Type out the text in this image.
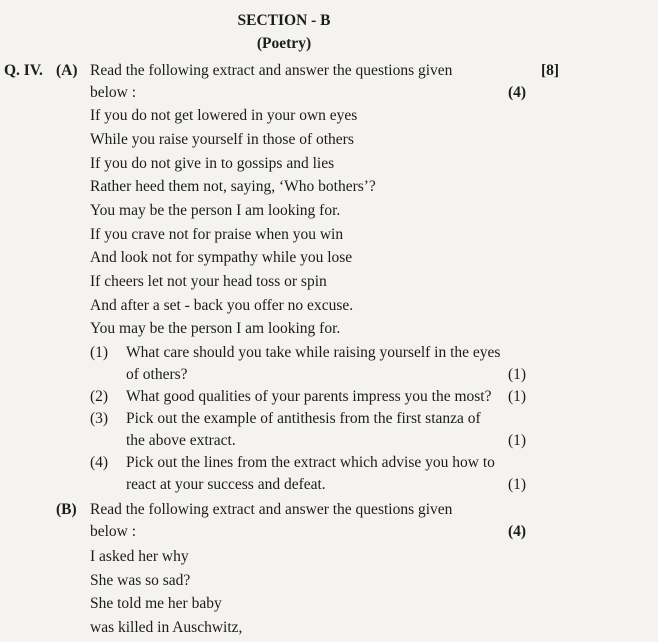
SECTION - B
(Poetry)
Q. IV. (A) Read the following extract and answer the questions given	[8]
below :	(4)
If you do not get lowered in your own eyes
While you raise yourself in those of others
If you do not give in to gossips and lies
Rather heed them not, saying, ‘Who bothers’?
You may be the person I am looking for.
If you crave not for praise when you win
And look not for sympathy while you lose
If cheers let not your head toss or spin
And after a set - back you offer no excuse.
You may be the person I am looking for.
(1) What care should you take while raising yourself in the eyes
of others?	(1)
(2) What good qualities of your parents impress you the most? (1)
(3) Pick out the example of antithesis from the first stanza of
the above extract.	(1)
(4) Pick out the lines from the extract which advise you how to
react at your success and defeat.	(1)
(B) Read the following extract and answer the questions given
below :	(4)
I asked her why
She was so sad?
She told me her baby
was killed in Auschwitz,
